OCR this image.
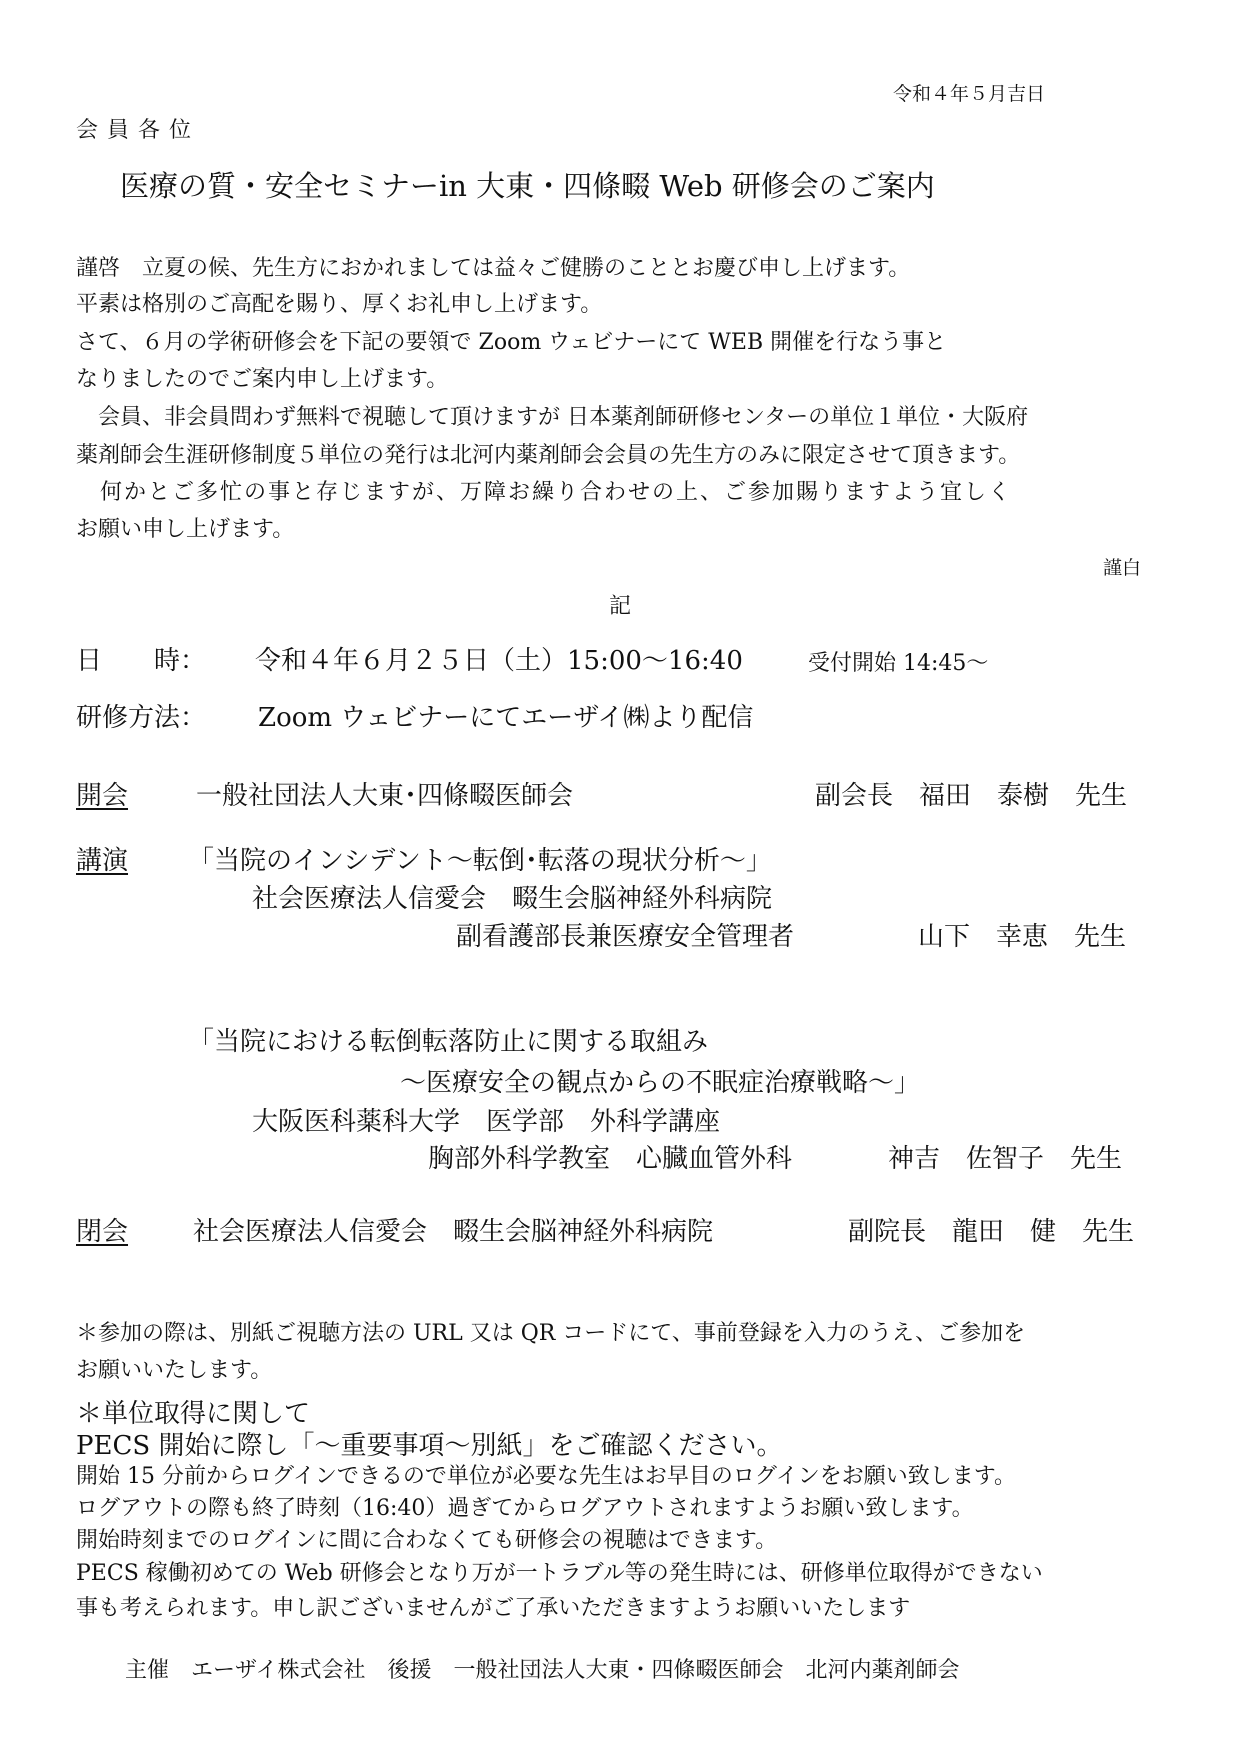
令和４年５月吉日
会員各位
医療の質・安全セミナーin 大東・四條畷 Web 研修会のご案内
謹啓　立夏の候、先生方におかれましては益々ご健勝のこととお慶び申し上げます。
平素は格別のご高配を賜り、厚くお礼申し上げます。
さて、６月の学術研修会を下記の要領で Zoom ウェビナーにて WEB 開催を行なう事と
なりましたのでご案内申し上げます。
　会員、非会員問わず無料で視聴して頂けますが 日本薬剤師研修センターの単位１単位・大阪府
薬剤師会生涯研修制度５単位の発行は北河内薬剤師会会員の先生方のみに限定させて頂きます。
　何かとご多忙の事と存じますが、万障お繰り合わせの上、ご参加賜りますよう宜しく
お願い申し上げます。
謹白
記
日　　時： 令和４年６月２５日（土）15:00～16:40	受付開始 14:45～
研修方法： Zoom ウェビナーにてエーザイ㈱より配信
開会	一般社団法人大東･四條畷医師会	副会長　福田　泰樹　先生
講演 「当院のインシデント～転倒･転落の現状分析～」
社会医療法人信愛会　畷生会脳神経外科病院
副看護部長兼医療安全管理者	山下　幸恵　先生
「当院における転倒転落防止に関する取組み
～医療安全の観点からの不眠症治療戦略～」
大阪医科薬科大学　医学部　外科学講座
胸部外科学教室　心臓血管外科	神吉　佐智子　先生
閉会 社会医療法人信愛会　畷生会脳神経外科病院	副院長　龍田　健　先生
＊参加の際は、別紙ご視聴方法の URL 又は QR コードにて、事前登録を入力のうえ、ご参加を
お願いいたします。
＊単位取得に関して
PECS 開始に際し「～重要事項～別紙」をご確認ください。
開始 15 分前からログインできるので単位が必要な先生はお早目のログインをお願い致します。
ログアウトの際も終了時刻（16:40）過ぎてからログアウトされますようお願い致します。
開始時刻までのログインに間に合わなくても研修会の視聴はできます。
PECS 稼働初めての Web 研修会となり万が一トラブル等の発生時には、研修単位取得ができない
事も考えられます。申し訳ございませんがご了承いただきますようお願いいたします
主催　エーザイ株式会社　後援　一般社団法人大東・四條畷医師会　北河内薬剤師会
